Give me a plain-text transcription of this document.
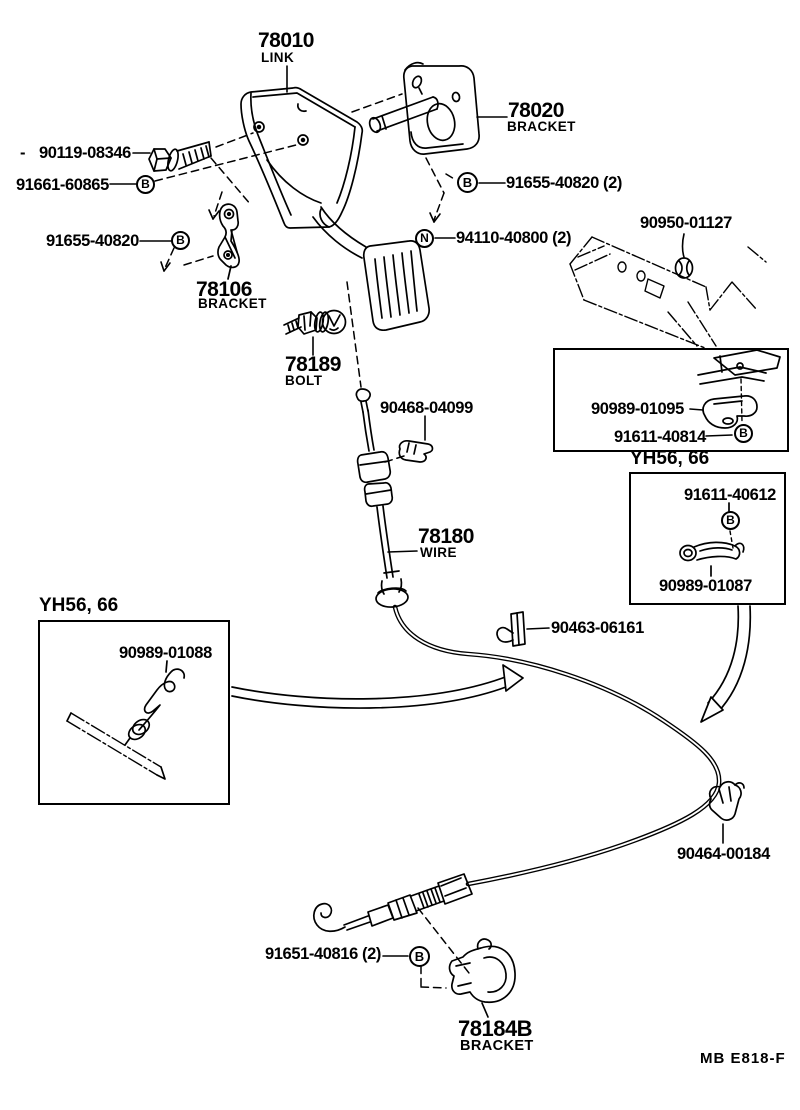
B
B
B
N
B
B
B
78010
LINK
78020
BRACKET
78106
BRACKET
78189
BOLT
78180
WIRE
78184B
BRACKET
- 90119-08346
91661-60865
91655-40820
91655-40820 (2)
94110-40800 (2)
90950-01127
90468-04099	90989-01095
91611-40814
91611-40612
90989-01087
90463-06161
90989-01088
90464-00184
91651-40816 (2)
YH56, 66
YH56, 66
MB E818-F
